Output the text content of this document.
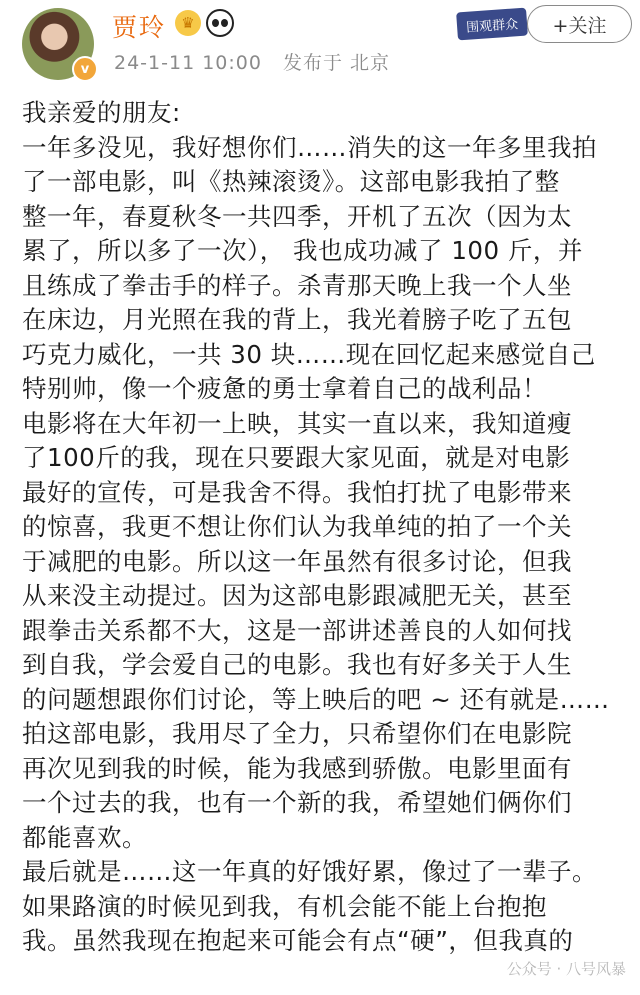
v
贾玲	♛
24-1-11 10:00 发布于 北京
围观群众	+关注

我亲爱的朋友:

一年多没见，我好想你们……消失的这一年多里我拍

了一部电影，叫《热辣滚烫》。这部电影我拍了整

整一年，春夏秋冬一共四季，开机了五次（因为太

累了，所以多了一次）， 我也成功减了 100 斤，并

且练成了拳击手的样子。杀青那天晚上我一个人坐

在床边，月光照在我的背上，我光着膀子吃了五包

巧克力威化，一共 30 块……现在回忆起来感觉自己

特别帅，像一个疲惫的勇士拿着自己的战利品！

电影将在大年初一上映，其实一直以来，我知道瘦

了100斤的我，现在只要跟大家见面，就是对电影

最好的宣传，可是我舍不得。我怕打扰了电影带来

的惊喜，我更不想让你们认为我单纯的拍了一个关

于减肥的电影。所以这一年虽然有很多讨论，但我

从来没主动提过。因为这部电影跟减肥无关，甚至

跟拳击关系都不大，这是一部讲述善良的人如何找

到自我，学会爱自己的电影。我也有好多关于人生

的问题想跟你们讨论，等上映后的吧 ~ 还有就是……

拍这部电影，我用尽了全力，只希望你们在电影院

再次见到我的时候，能为我感到骄傲。电影里面有

一个过去的我，也有一个新的我，希望她们俩你们

都能喜欢。

最后就是……这一年真的好饿好累，像过了一辈子。

如果路演的时候见到我，有机会能不能上台抱抱

我。虽然我现在抱起来可能会有点“硬”，但我真的

公众号 · 八号风暴
